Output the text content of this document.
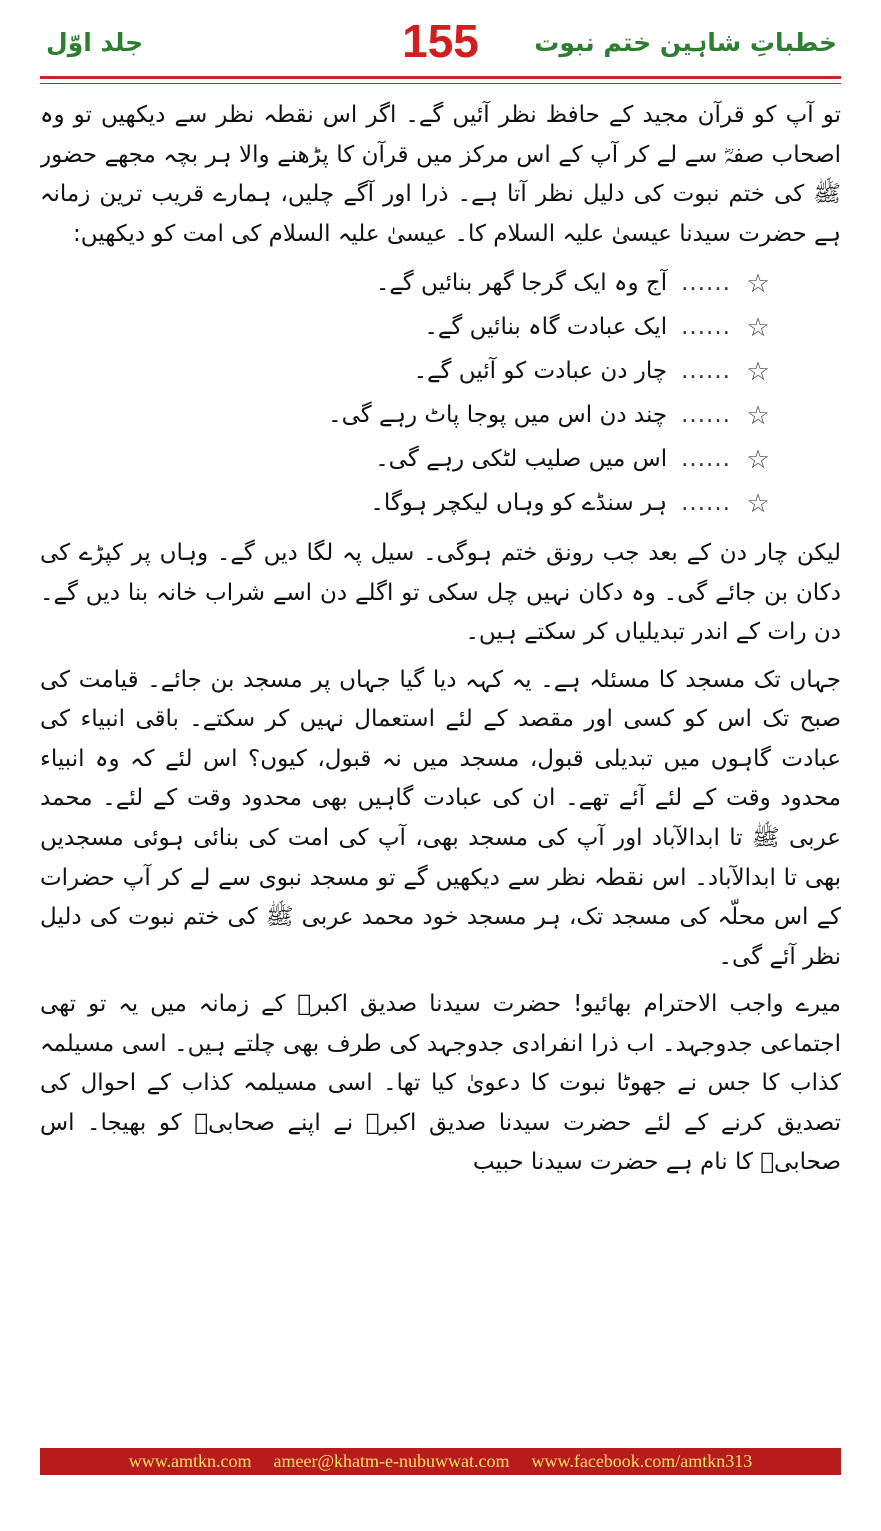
خطباتِ شاہین ختم نبوت
155
جلد اوّل

تو آپ کو قرآن مجید کے حافظ نظر آئیں گے۔ اگر اس نقطہ نظر سے دیکھیں تو وہ اصحاب صفہؓ سے لے کر آپ کے اس مرکز میں قرآن کا پڑھنے والا ہر بچہ مجھے حضور ﷺ کی ختم نبوت کی دلیل نظر آتا ہے۔ ذرا اور آگے چلیں، ہمارے قریب ترین زمانہ ہے حضرت سیدنا عیسیٰ علیہ السلام کا۔ عیسیٰ علیہ السلام کی امت کو دیکھیں:

☆
......
آج وہ ایک گرجا گھر بنائیں گے۔
☆
......
ایک عبادت گاہ بنائیں گے۔
☆
......
چار دن عبادت کو آئیں گے۔
☆
......
چند دن اس میں پوجا پاٹ رہے گی۔
☆
......
اس میں صلیب لٹکی رہے گی۔
☆
......
ہر سنڈے کو وہاں لیکچر ہوگا۔

لیکن چار دن کے بعد جب رونق ختم ہوگی۔ سیل پہ لگا دیں گے۔ وہاں پر کپڑے کی دکان بن جائے گی۔ وہ دکان نہیں چل سکی تو اگلے دن اسے شراب خانہ بنا دیں گے۔ دن رات کے اندر تبدیلیاں کر سکتے ہیں۔

جہاں تک مسجد کا مسئلہ ہے۔ یہ کہہ دیا گیا جہاں پر مسجد بن جائے۔ قیامت کی صبح تک اس کو کسی اور مقصد کے لئے استعمال نہیں کر سکتے۔ باقی انبیاء کی عبادت گاہوں میں تبدیلی قبول، مسجد میں نہ قبول، کیوں؟ اس لئے کہ وہ انبیاء محدود وقت کے لئے آئے تھے۔ ان کی عبادت گاہیں بھی محدود وقت کے لئے۔ محمد عربی ﷺ تا ابدالآباد اور آپ کی مسجد بھی، آپ کی امت کی بنائی ہوئی مسجدیں بھی تا ابدالآباد۔ اس نقطہ نظر سے دیکھیں گے تو مسجد نبوی سے لے کر آپ حضرات کے اس محلّہ کی مسجد تک، ہر مسجد خود محمد عربی ﷺ کی ختم نبوت کی دلیل نظر آئے گی۔

میرے واجب الاحترام بھائیو! حضرت سیدنا صدیق اکبرؓ کے زمانہ میں یہ تو تھی اجتماعی جدوجہد۔ اب ذرا انفرادی جدوجہد کی طرف بھی چلتے ہیں۔ اسی مسیلمہ کذاب کا جس نے جھوٹا نبوت کا دعویٰ کیا تھا۔ اسی مسیلمہ کذاب کے احوال کی تصدیق کرنے کے لئے حضرت سیدنا صدیق اکبرؓ نے اپنے صحابیؓ کو بھیجا۔ اس صحابیؓ کا نام ہے حضرت سیدنا حبیب

www.amtkn.com ameer@khatm-e-nubuwwat.com www.facebook.com/amtkn313
